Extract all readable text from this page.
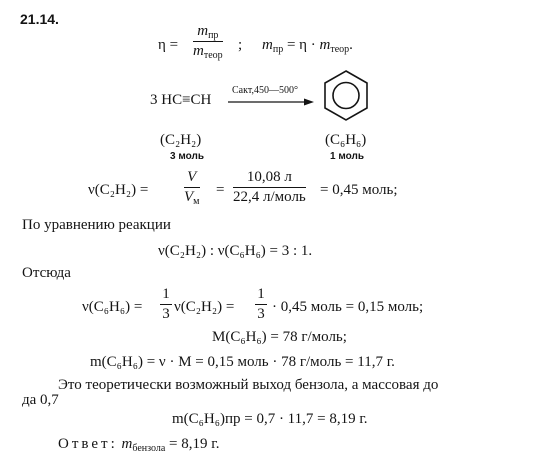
21.14.
η =
$m_{пр}$
$m_{теор}$
; $m_{пр} = \eta \cdot m_{теор}$.
3 HC≡CH
Cакт,450—500°
(C₂H₂)
3 моль
(C₆H₆)
1 моль
ν(C₂H₂) =
V
$V_м$
=
10,08 л
22,4 л/моль = 0,45 моль;
По уравнению реакции
ν(C₂H₂) : ν(C₆H₆) = 3 : 1.
Отсюда
ν(C₆H₆) =
1
3 ν(C₂H₂) =
1
3 · 0,45 моль = 0,15 моль;
M(C₆H₆) = 78 г/моль;
m(C₆H₆) = ν · M = 0,15 моль · 78 г/моль = 11,7 г.
Это теоретически возможный выход бензола, а массовая до
да 0,7
m(C₆H₆)пр = 0,7 · 11,7 = 8,19 г.
Ответ: $m_{бензола} = 8,19$ г.
